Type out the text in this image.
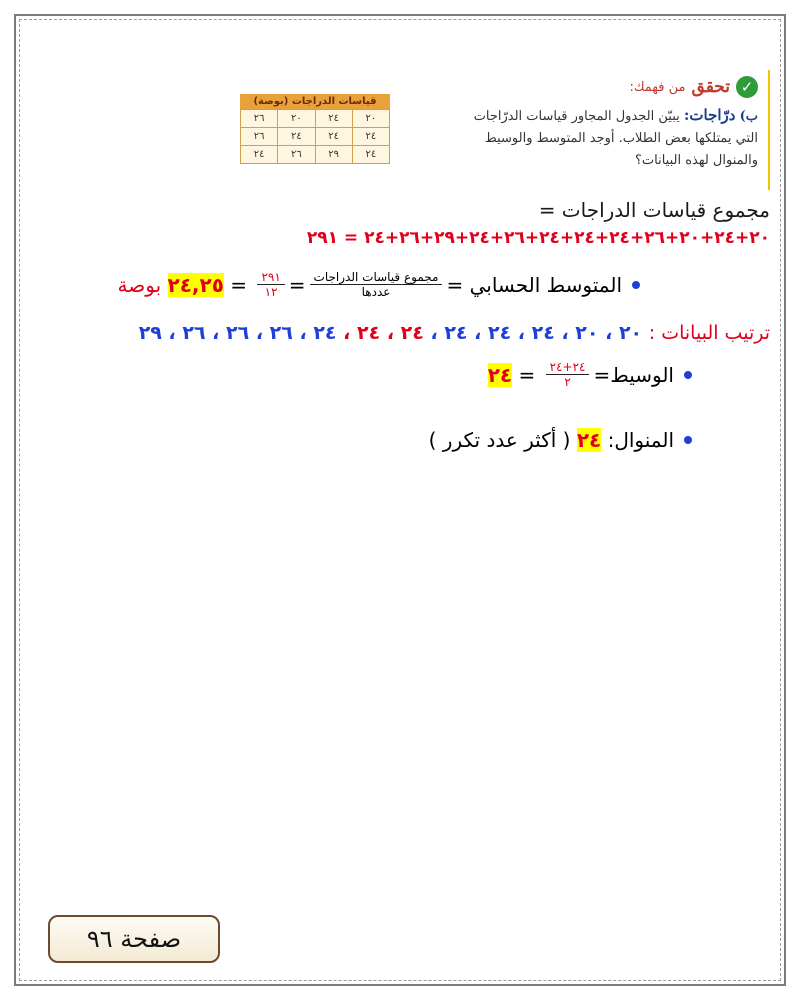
✓
تحقق
من فهمك:
ب) درّاجات: يبيّن الجدول المجاور قياسات الدرّاجات
التي يمتلكها بعض الطلاب. أوجد المتوسط والوسيط
والمنوال لهذه البيانات؟
قياسات الدراجات (بوصة)
٢٠	٢٤	٢٠	٢٦
٢٤	٢٤	٢٤	٢٦
٢٤	٢٩	٢٦	٢٤
مجموع قياسات الدراجات =
٢٠+٢٤+٢٠+٢٦+٢٤+٢٤+٢٤+٢٦+٢٤+٢٩+٢٦+٢٤ = ٢٩١
المتوسط الحسابي =
$\frac{\text{مجموع قياسات الدراجات}}{\text{عددها}}$
=
$\frac{٢٩١}{١٢}$
=
٢٤,٢٥

بوصة
ترتيب البيانات : ٢٠ ، ٢٠ ، ٢٤ ، ٢٤ ، ٢٤ ، ٢٤ ، ٢٤ ، ٢٤ ، ٢٦ ، ٢٦ ، ٢٦ ، ٢٩
الوسيط=
$\frac{٢٤+٢٤}{٢}$
=
٢٤
المنوال:

٢٤

( أكثر عدد تكرر )
صفحة ٩٦
